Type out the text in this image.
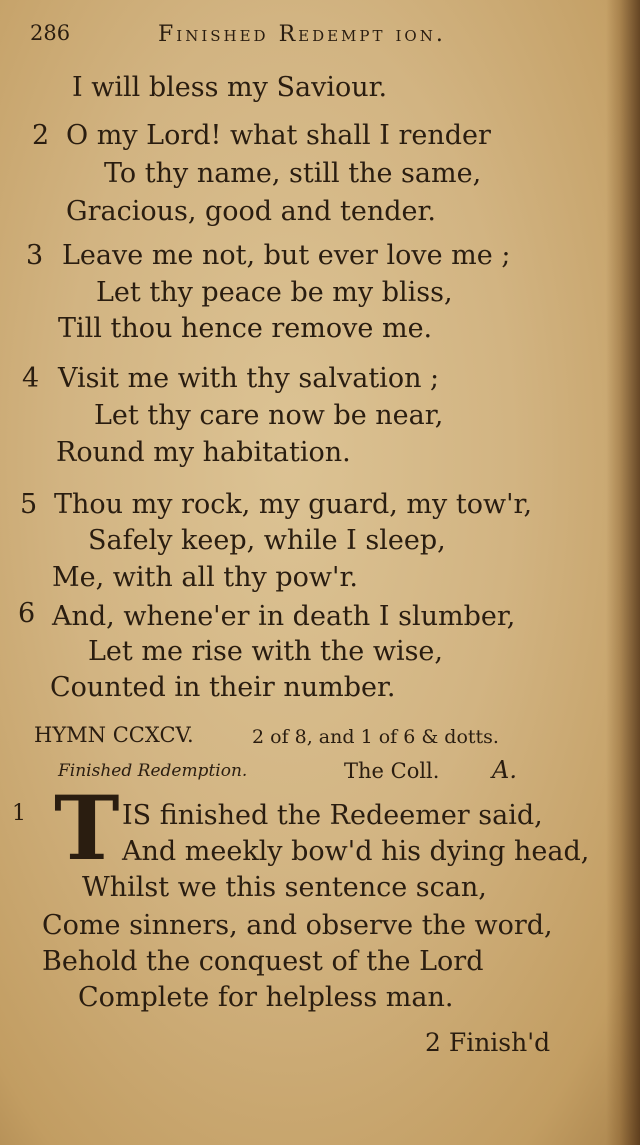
286	Finished Redempt ion.
I will bless my Saviour.
2 O my Lord! what shall I render
To thy name, still the same,
Gracious, good and tender.
3 Leave me not, but ever love me ;
Let thy peace be my bliss,
Till thou hence remove me.
4 Visit me with thy salvation ;
Let thy care now be near,
Round my habitation.
5 Thou my rock, my guard, my tow'r,
Safely keep, while I sleep,
Me, with all thy pow'r.
6 And, whene'er in death I slumber,
Let me rise with the wise,
Counted in their number.
HYMN CCXCV.	2 of 8, and 1 of 6 & dotts.
Finished Redemption.	The Coll. A.
1 T IS finished the Redeemer said,
And meekly bow'd his dying head,
Whilst we this sentence scan,
Come sinners, and observe the word,
Behold the conquest of the Lord
Complete for helpless man.
2 Finish'd
